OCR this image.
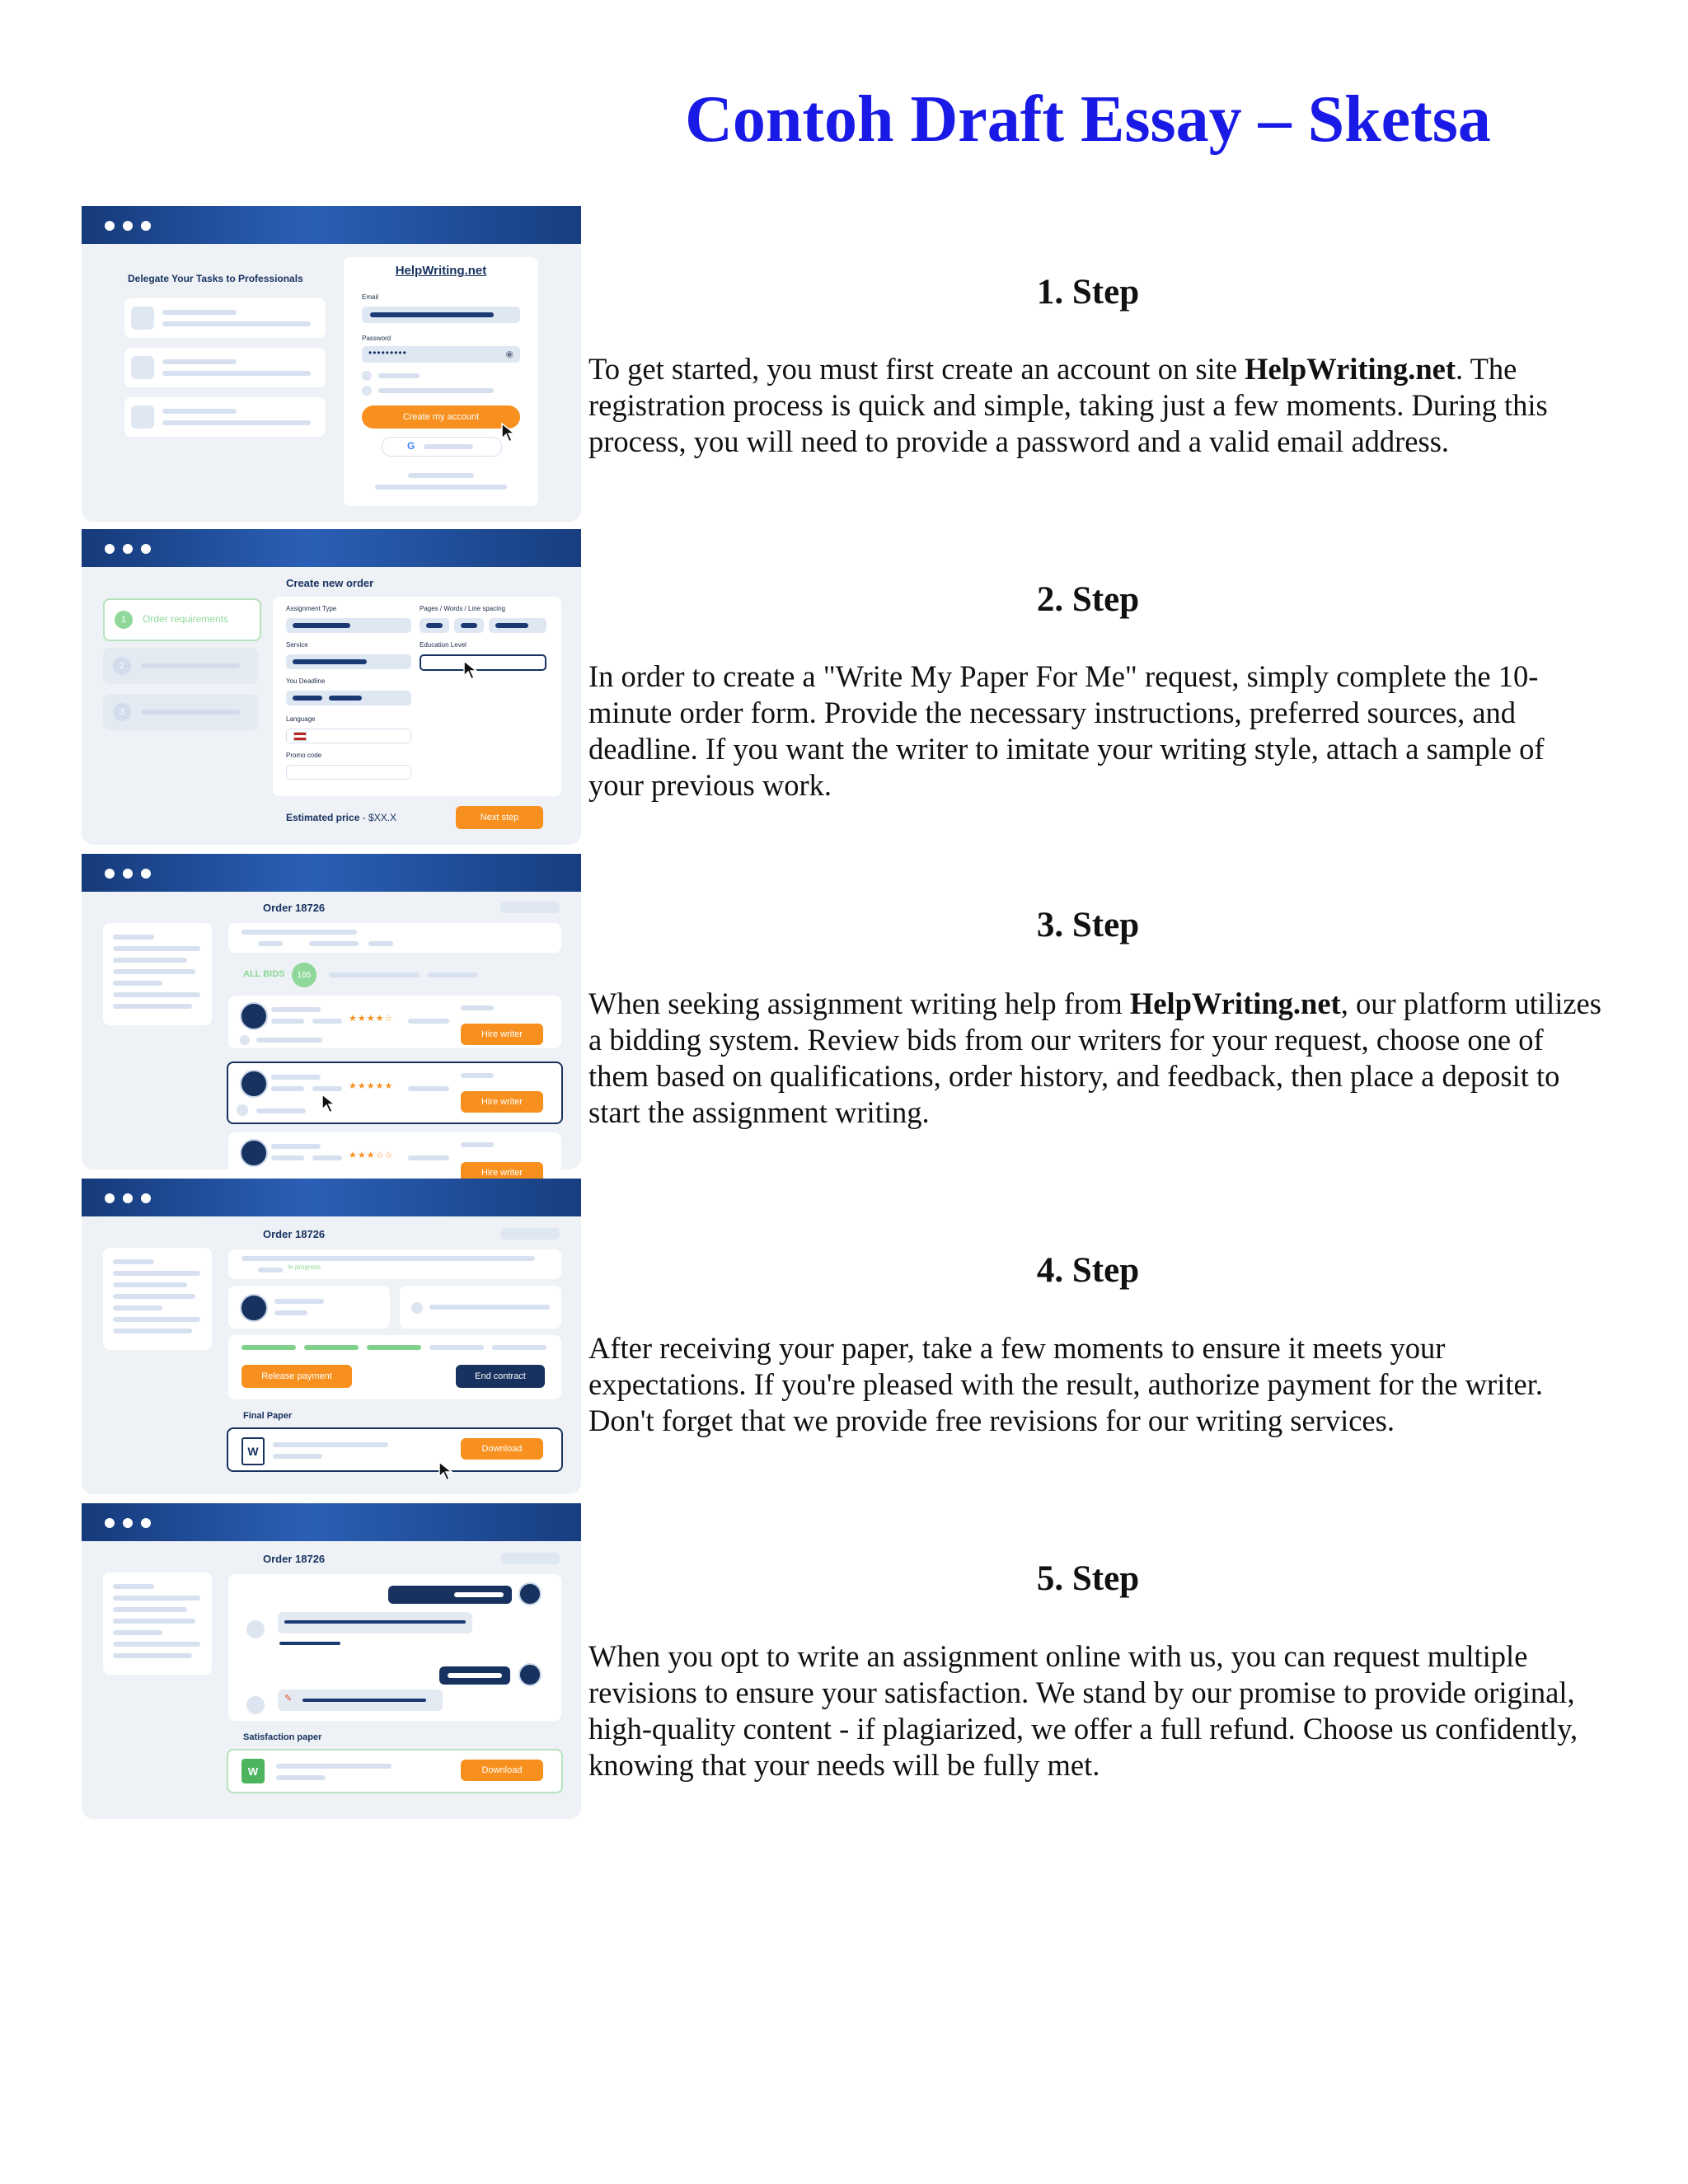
Contoh Draft Essay – Sketsa
1. Step
To get started, you must first create an account on site HelpWriting.net. The registration process is quick and simple, taking just a few moments. During this process, you will need to provide a password and a valid email address.
2. Step
In order to create a "Write My Paper For Me" request, simply complete the 10-minute order form. Provide the necessary instructions, preferred sources, and deadline. If you want the writer to imitate your writing style, attach a sample of your previous work.
3. Step
When seeking assignment writing help from HelpWriting.net, our platform utilizes a bidding system. Review bids from our writers for your request, choose one of them based on qualifications, order history, and feedback, then place a deposit to start the assignment writing.
4. Step
After receiving your paper, take a few moments to ensure it meets your expectations. If you're pleased with the result, authorize payment for the writer. Don't forget that we provide free revisions for our writing services.
5. Step
When you opt to write an assignment online with us, you can request multiple revisions to ensure your satisfaction. We stand by our promise to provide original, high-quality content - if plagiarized, we offer a full refund. Choose us confidently, knowing that your needs will be fully met.
Delegate Your Tasks to Professionals
HelpWriting.net
Email
Password
•••••••••	◉
Create my account
G
Create new order
1	Order requirements
2
3
Assignment Type	Pages / Words / Line spacing
Service	Education Level
You Deadline
Language
Promo code
Estimated price - $XX.X	Next step
Order 18726
ALL BIDS	165
★★★★☆
Hire writer
★★★★★
Hire writer
★★★☆☆
Hire writer
Order 18726
In progress
Release payment	End contract
Final Paper
W	Download
Order 18726
✎
Satisfaction paper
W	Download
